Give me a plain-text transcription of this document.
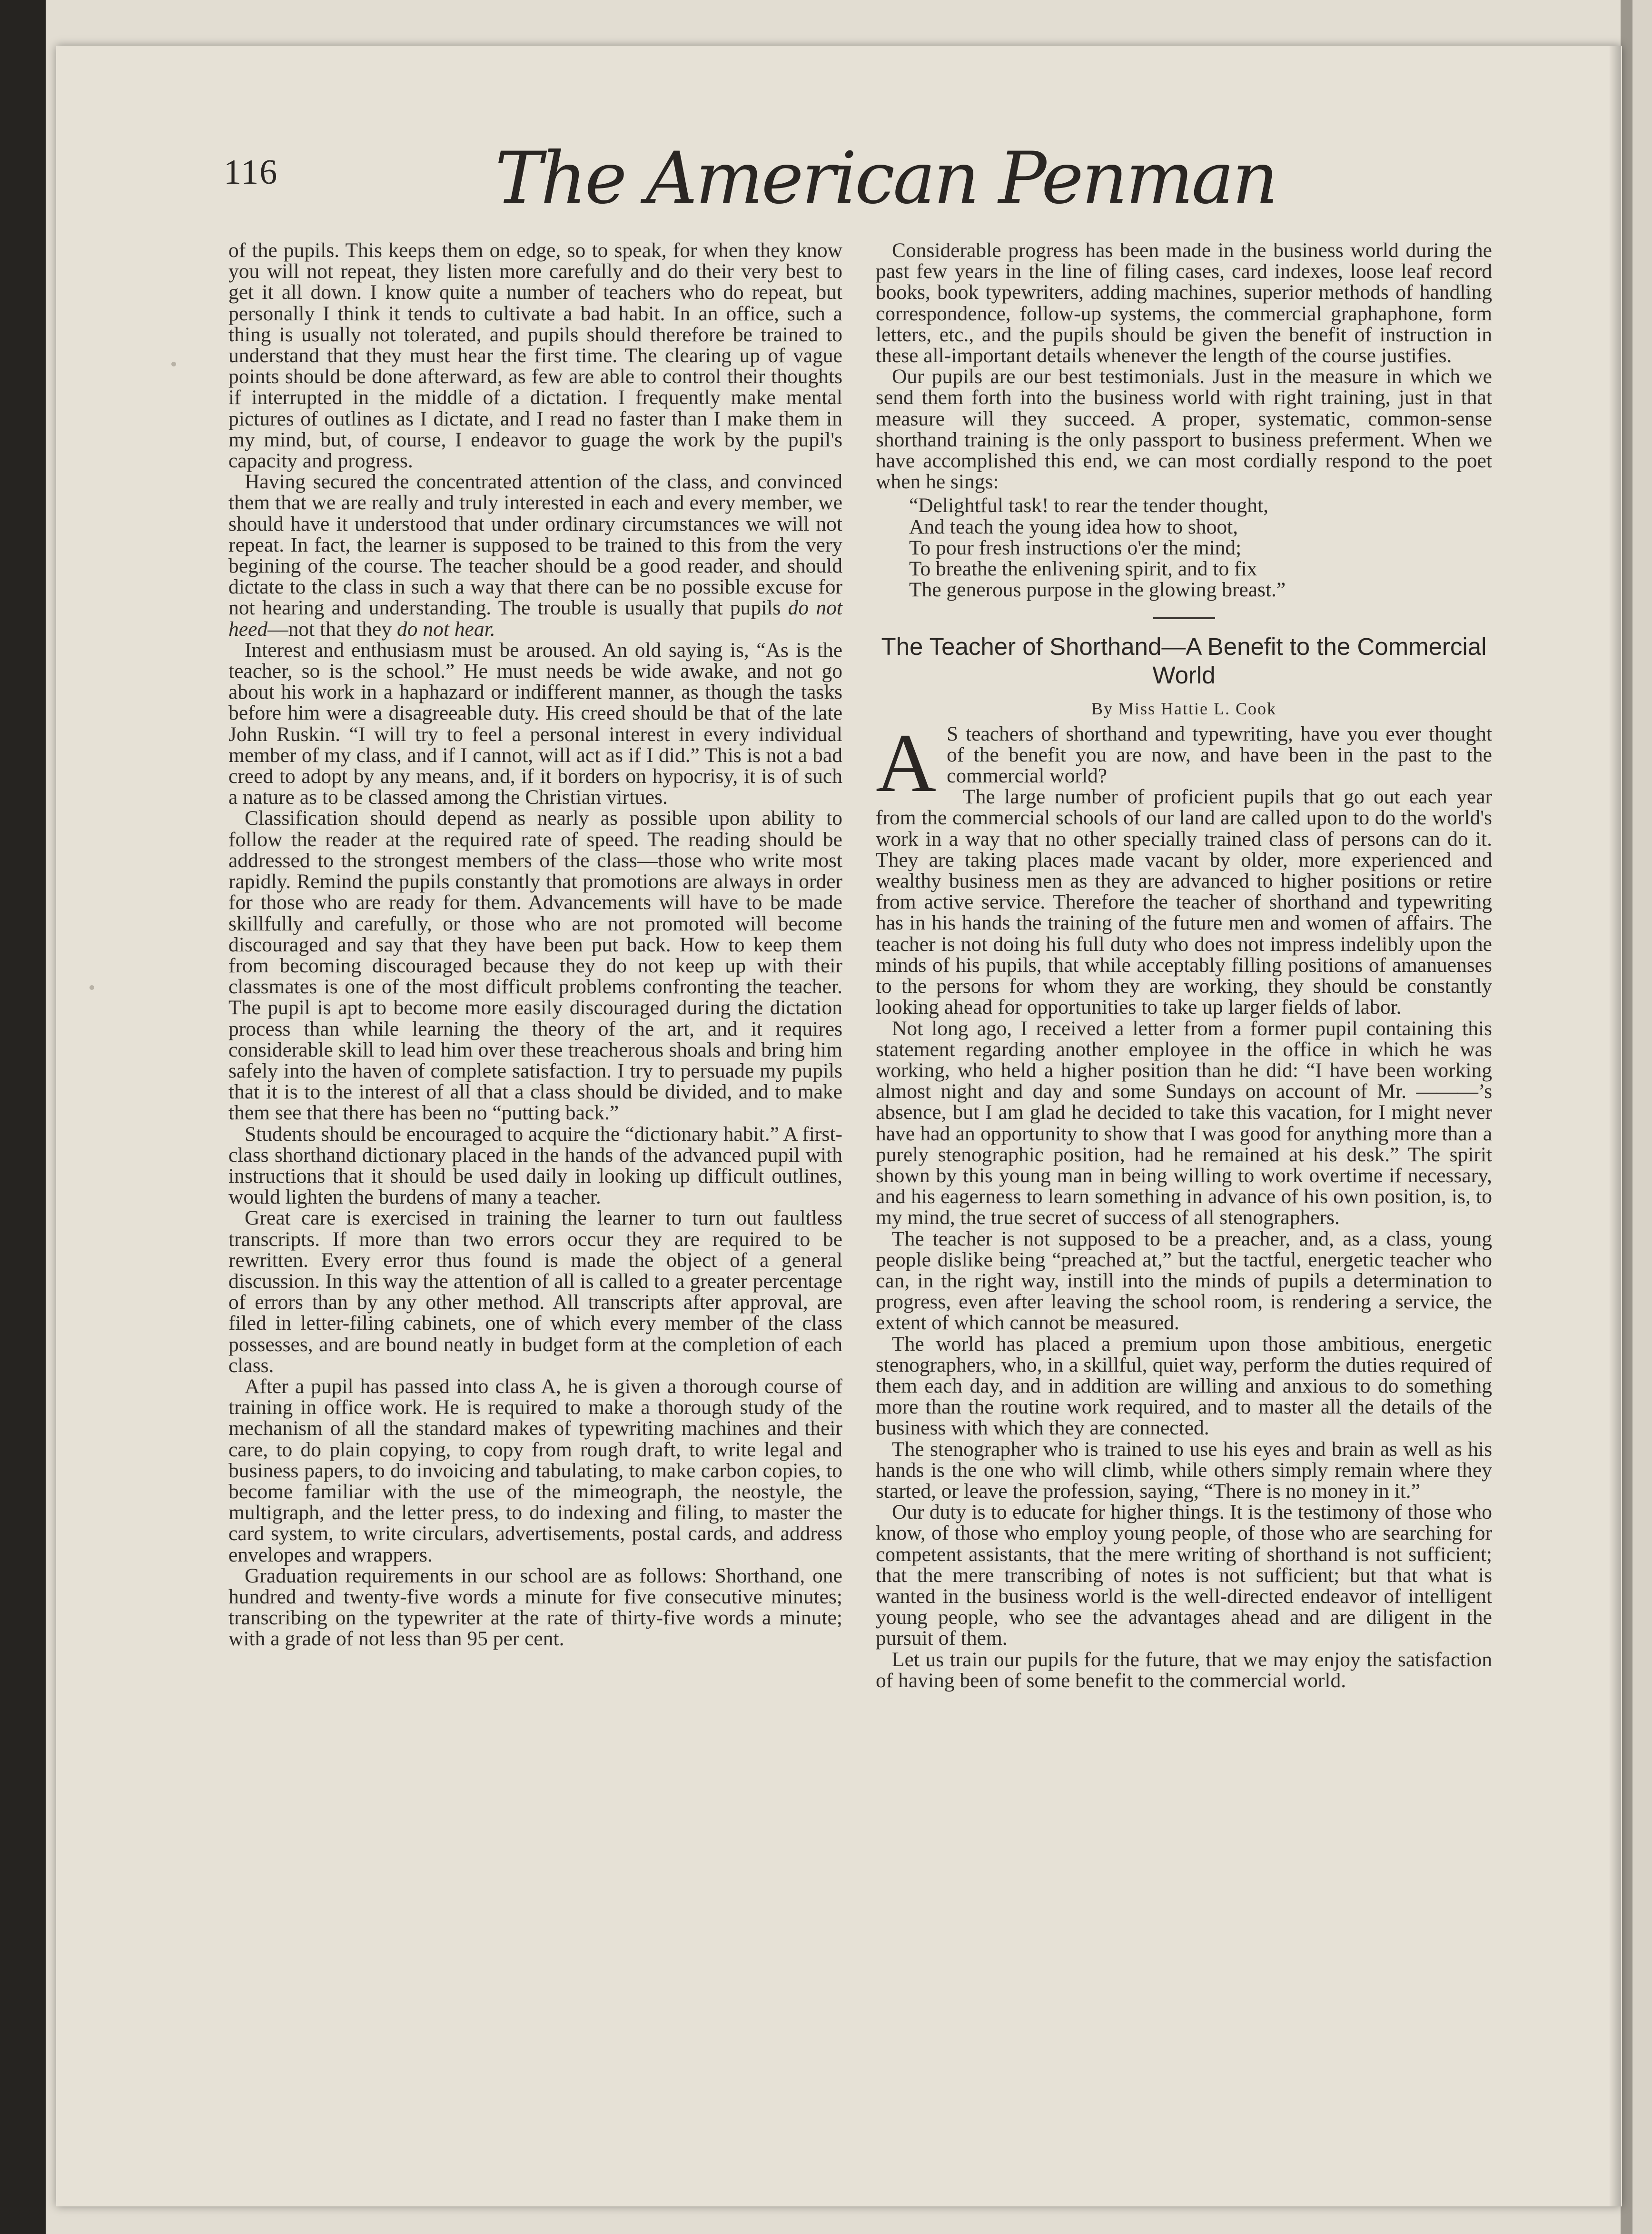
116	The American Penman

of the pupils. This keeps them on edge, so to speak, for when they know you will not repeat, they listen more carefully and do their very best to get it all down. I know quite a number of teachers who do repeat, but personally I think it tends to cultivate a bad habit. In an office, such a thing is usually not tolerated, and pupils should therefore be trained to understand that they must hear the first time. The clearing up of vague points should be done afterward, as few are able to control their thoughts if interrupted in the middle of a dictation. I frequently make mental pictures of outlines as I dictate, and I read no faster than I make them in my mind, but, of course, I endeavor to guage the work by the pupil's capacity and progress.

Having secured the concentrated attention of the class, and convinced them that we are really and truly interested in each and every member, we should have it understood that under ordinary circumstances we will not repeat. In fact, the learner is supposed to be trained to this from the very begining of the course. The teacher should be a good reader, and should dictate to the class in such a way that there can be no possible excuse for not hearing and understanding. The trouble is usually that pupils do not heed—not that they do not hear.

Interest and enthusiasm must be aroused. An old saying is, “As is the teacher, so is the school.” He must needs be wide awake, and not go about his work in a haphazard or indifferent manner, as though the tasks before him were a disagreeable duty. His creed should be that of the late John Ruskin. “I will try to feel a personal interest in every individual member of my class, and if I cannot, will act as if I did.” This is not a bad creed to adopt by any means, and, if it borders on hypocrisy, it is of such a nature as to be classed among the Christian virtues.

Classification should depend as nearly as possible upon ability to follow the reader at the required rate of speed. The reading should be addressed to the strongest members of the class—those who write most rapidly. Remind the pupils constantly that promotions are always in order for those who are ready for them. Advancements will have to be made skillfully and carefully, or those who are not promoted will become discouraged and say that they have been put back. How to keep them from becoming discouraged because they do not keep up with their classmates is one of the most difficult problems confronting the teacher. The pupil is apt to become more easily discouraged during the dictation process than while learning the theory of the art, and it requires considerable skill to lead him over these treacherous shoals and bring him safely into the haven of complete satisfaction. I try to persuade my pupils that it is to the interest of all that a class should be divided, and to make them see that there has been no “putting back.”

Students should be encouraged to acquire the “dictionary habit.” A first-class shorthand dictionary placed in the hands of the advanced pupil with instructions that it should be used daily in looking up difficult outlines, would lighten the burdens of many a teacher.

Great care is exercised in training the learner to turn out faultless transcripts. If more than two errors occur they are required to be rewritten. Every error thus found is made the object of a general discussion. In this way the attention of all is called to a greater percentage of errors than by any other method. All transcripts after approval, are filed in letter-filing cabinets, one of which every member of the class possesses, and are bound neatly in budget form at the completion of each class.

After a pupil has passed into class A, he is given a thorough course of training in office work. He is required to make a thorough study of the mechanism of all the standard makes of typewriting machines and their care, to do plain copying, to copy from rough draft, to write legal and business papers, to do invoicing and tabulating, to make carbon copies, to become familiar with the use of the mimeograph, the neostyle, the multigraph, and the letter press, to do indexing and filing, to master the card system, to write circulars, advertisements, postal cards, and address envelopes and wrappers.

Graduation requirements in our school are as follows: Shorthand, one hundred and twenty-five words a minute for five consecutive minutes; transcribing on the typewriter at the rate of thirty-five words a minute; with a grade of not less than 95 per cent.

Considerable progress has been made in the business world during the past few years in the line of filing cases, card indexes, loose leaf record books, book typewriters, adding machines, superior methods of handling correspondence, follow-up systems, the commercial graphaphone, form letters, etc., and the pupils should be given the benefit of instruction in these all-important details whenever the length of the course justifies.

Our pupils are our best testimonials. Just in the measure in which we send them forth into the business world with right training, just in that measure will they succeed. A proper, systematic, common-sense shorthand training is the only passport to business preferment. When we have accomplished this end, we can most cordially respond to the poet when he sings:

“Delightful task! to rear the tender thought,
And teach the young idea how to shoot,
To pour fresh instructions o'er the mind;
To breathe the enlivening spirit, and to fix
The generous purpose in the glowing breast.”
The Teacher of Shorthand—A Benefit to the Commercial World
By Miss Hattie L. Cook

A S teachers of shorthand and typewriting, have you ever thought of the benefit you are now, and have been in the past to the commercial world?

The large number of proficient pupils that go out each year from the commercial schools of our land are called upon to do the world's work in a way that no other specially trained class of persons can do it. They are taking places made vacant by older, more experienced and wealthy business men as they are advanced to higher positions or retire from active service. Therefore the teacher of shorthand and typewriting has in his hands the training of the future men and women of affairs. The teacher is not doing his full duty who does not impress indelibly upon the minds of his pupils, that while acceptably filling positions of amanuenses to the persons for whom they are working, they should be constantly looking ahead for opportunities to take up larger fields of labor.

Not long ago, I received a letter from a former pupil containing this statement regarding another employee in the office in which he was working, who held a higher position than he did: “I have been working almost night and day and some Sundays on account of Mr. ———’s absence, but I am glad he decided to take this vacation, for I might never have had an opportunity to show that I was good for anything more than a purely stenographic position, had he remained at his desk.” The spirit shown by this young man in being willing to work overtime if necessary, and his eagerness to learn something in advance of his own position, is, to my mind, the true secret of success of all stenographers.

The teacher is not supposed to be a preacher, and, as a class, young people dislike being “preached at,” but the tactful, energetic teacher who can, in the right way, instill into the minds of pupils a determination to progress, even after leaving the school room, is rendering a service, the extent of which cannot be measured.

The world has placed a premium upon those ambitious, energetic stenographers, who, in a skillful, quiet way, perform the duties required of them each day, and in addition are willing and anxious to do something more than the routine work required, and to master all the details of the business with which they are connected.

The stenographer who is trained to use his eyes and brain as well as his hands is the one who will climb, while others simply remain where they started, or leave the profession, saying, “There is no money in it.”

Our duty is to educate for higher things. It is the testimony of those who know, of those who employ young people, of those who are searching for competent assistants, that the mere writing of shorthand is not sufficient; that the mere transcribing of notes is not sufficient; but that what is wanted in the business world is the well-directed endeavor of intelligent young people, who see the advantages ahead and are diligent in the pursuit of them.

Let us train our pupils for the future, that we may enjoy the satisfaction of having been of some benefit to the commercial world.
